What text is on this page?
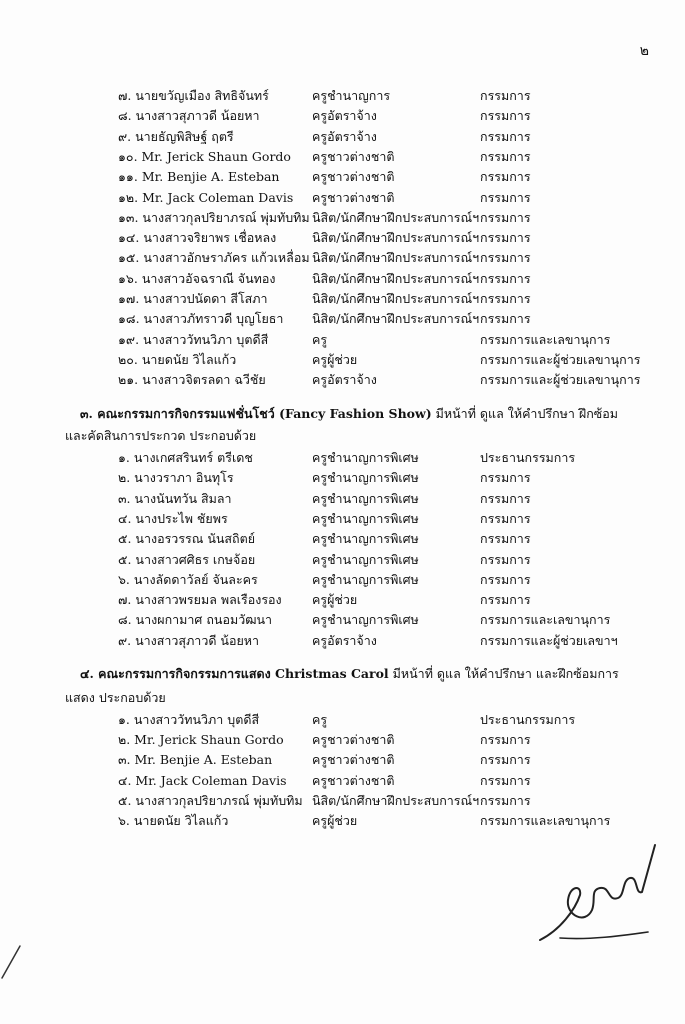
๒
๗. นายขวัญเมือง สิทธิจันทร์	ครูชำนาญการ	กรรมการ
๘. นางสาวสุภาวดี น้อยหา	ครูอัตราจ้าง	กรรมการ
๙. นายธัญพิสิษฐ์ ฤตรี	ครูอัตราจ้าง	กรรมการ
๑๐. Mr. Jerick Shaun Gordo ครูชาวต่างชาติ	กรรมการ
๑๑. Mr. Benjie A. Esteban	ครูชาวต่างชาติ	กรรมการ
๑๒. Mr. Jack Coleman Davis ครูชาวต่างชาติ	กรรมการ
๑๓. นางสาวกุลปริยาภรณ์ พุ่มทับทิม นิสิต/นักศึกษาฝึกประสบการณ์ฯ กรรมการ
๑๔. นางสาวจริยาพร เชื่อหลง	นิสิต/นักศึกษาฝึกประสบการณ์ฯ กรรมการ
๑๕. นางสาวอักษราภัคร แก้วเหลื่อม นิสิต/นักศึกษาฝึกประสบการณ์ฯ กรรมการ
๑๖. นางสาวอัจฉราณี จันทอง	นิสิต/นักศึกษาฝึกประสบการณ์ฯ กรรมการ
๑๗. นางสาวปนัดดา สีโสภา	นิสิต/นักศึกษาฝึกประสบการณ์ฯ กรรมการ
๑๘. นางสาวภัทราวดี บุญโยธา นิสิต/นักศึกษาฝึกประสบการณ์ฯ กรรมการ
๑๙. นางสาววัทนวิภา บุตดีสี	ครู	กรรมการและเลขานุการ
๒๐. นายดนัย วิไลแก้ว	ครูผู้ช่วย	กรรมการและผู้ช่วยเลขานุการ
๒๑. นางสาวจิตรลดา ฉวีชัย	ครูอัตราจ้าง	กรรมการและผู้ช่วยเลขานุการ
๓. คณะกรรมการกิจกรรมแฟชั่นโชว์ (Fancy Fashion Show) มีหน้าที่ ดูแล ให้คำปรึกษา ฝึกซ้อม
และคัดสินการประกวด ประกอบด้วย
๑. นางเกศสรินทร์ ตรีเดช	ครูชำนาญการพิเศษ	ประธานกรรมการ
๒. นางวราภา อินทุโร	ครูชำนาญการพิเศษ	กรรมการ
๓. นางนันทวัน สิมลา	ครูชำนาญการพิเศษ	กรรมการ
๔. นางประไพ ชัยพร	ครูชำนาญการพิเศษ	กรรมการ
๕. นางอรวรรณ นันสถิตย์	ครูชำนาญการพิเศษ	กรรมการ
๕. นางสาวศศิธร เกษจ้อย	ครูชำนาญการพิเศษ	กรรมการ
๖. นางลัดดาวัลย์ จันละคร	ครูชำนาญการพิเศษ	กรรมการ
๗. นางสาวพรยมล พลเรืองรอง ครูผู้ช่วย	กรรมการ
๘. นางผกามาศ ถนอมวัฒนา	ครูชำนาญการพิเศษ	กรรมการและเลขานุการ
๙. นางสาวสุภาวดี น้อยหา	ครูอัตราจ้าง	กรรมการและผู้ช่วยเลขาฯ
๔. คณะกรรมการกิจกรรมการแสดง Christmas Carol มีหน้าที่ ดูแล ให้คำปรึกษา และฝึกซ้อมการ
แสดง ประกอบด้วย
๑. นางสาววัทนวิภา บุตดีสี	ครู	ประธานกรรมการ
๒. Mr. Jerick Shaun Gordo ครูชาวต่างชาติ	กรรมการ
๓. Mr. Benjie A. Esteban	ครูชาวต่างชาติ	กรรมการ
๔. Mr. Jack Coleman Davis ครูชาวต่างชาติ	กรรมการ
๕. นางสาวกุลปริยาภรณ์ พุ่มทับทิม นิสิต/นักศึกษาฝึกประสบการณ์ฯ กรรมการ
๖. นายดนัย วิไลแก้ว	ครูผู้ช่วย	กรรมการและเลขานุการ
